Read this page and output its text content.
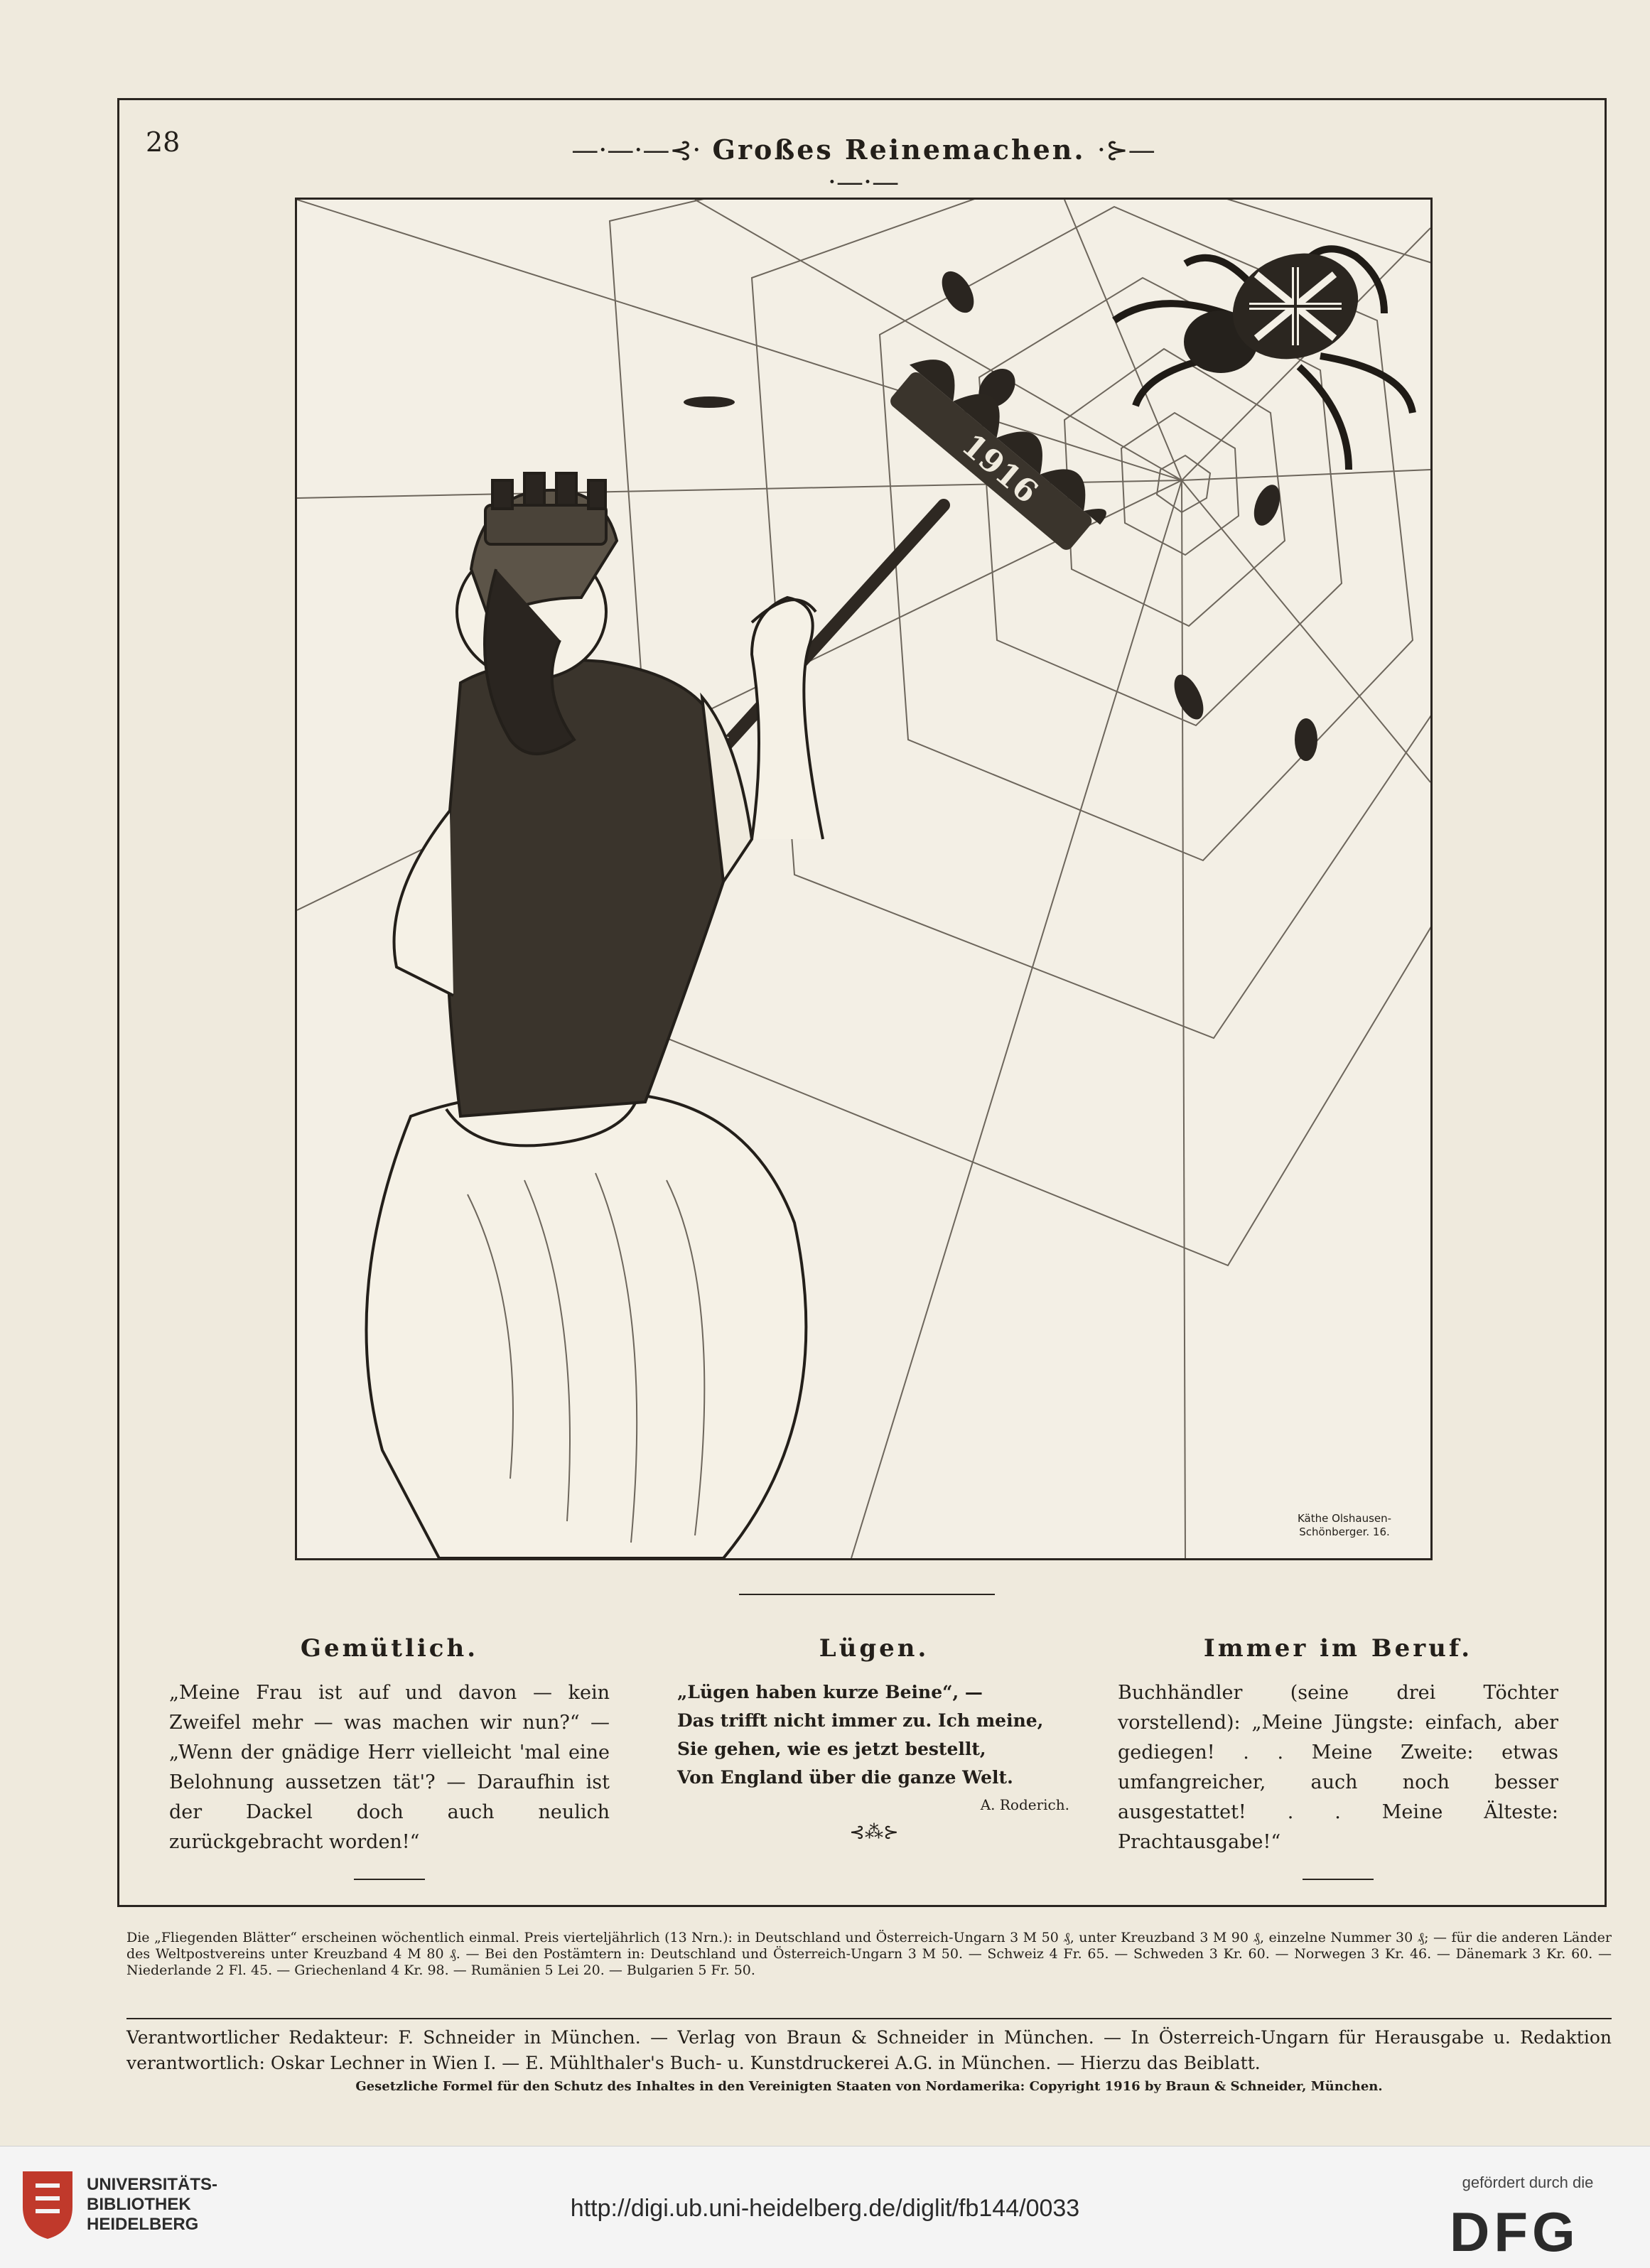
28	—·—·—⊰· Großes Reinemachen. ·⊱—·—·—
1916
Käthe Olshausen-
Schönberger. 16.
Gemütlich.

„Meine Frau ist auf und davon — kein Zweifel mehr — was machen wir nun?“ — „Wenn der gnädige Herr vielleicht 'mal eine Belohnung aussetzen tät'? — Daraufhin ist der Dackel doch auch neulich zurückgebracht worden!“

Lügen.
„Lügen haben kurze Beine“, —
Das trifft nicht immer zu. Ich meine,
Sie gehen, wie es jetzt bestellt,
Von England über die ganze Welt.
A. Roderich.
⊰⁂⊱
Immer im Beruf.

Buchhändler (seine drei Töchter vorstellend): „Meine Jüngste: einfach, aber gediegen! . . Meine Zweite: etwas umfangreicher, auch noch besser ausgestattet! . . Meine Älteste: Prachtausgabe!“

Die „Fliegenden Blätter“ erscheinen wöchentlich einmal. Preis vierteljährlich (13 Nrn.): in Deutschland und Österreich-Ungarn 3 M 50 ₰, unter Kreuzband 3 M 90 ₰, einzelne Nummer 30 ₰; — für die anderen Länder des Weltpostvereins unter Kreuzband 4 M 80 ₰. — Bei den Postämtern in: Deutschland und Österreich-Ungarn 3 M 50. — Schweiz 4 Fr. 65. — Schweden 3 Kr. 60. — Norwegen 3 Kr. 46. — Dänemark 3 Kr. 60. — Niederlande 2 Fl. 45. — Griechenland 4 Kr. 98. — Rumänien 5 Lei 20. — Bulgarien 5 Fr. 50.
Verantwortlicher Redakteur: F. Schneider in München. — Verlag von Braun & Schneider in München. — In Österreich-Ungarn für Herausgabe u. Redaktion verantwortlich: Oskar Lechner in Wien I. — E. Mühlthaler's Buch- u. Kunstdruckerei A.G. in München. — Hierzu das Beiblatt.
Gesetzliche Formel für den Schutz des Inhaltes in den Vereinigten Staaten von Nordamerika: Copyright 1916 by Braun & Schneider, München.
UNIVERSITÄTS-
BIBLIOTHEK
HEIDELBERG
http://digi.ub.uni-heidelberg.de/diglit/fb144/0033
gefördert durch die
DFG
